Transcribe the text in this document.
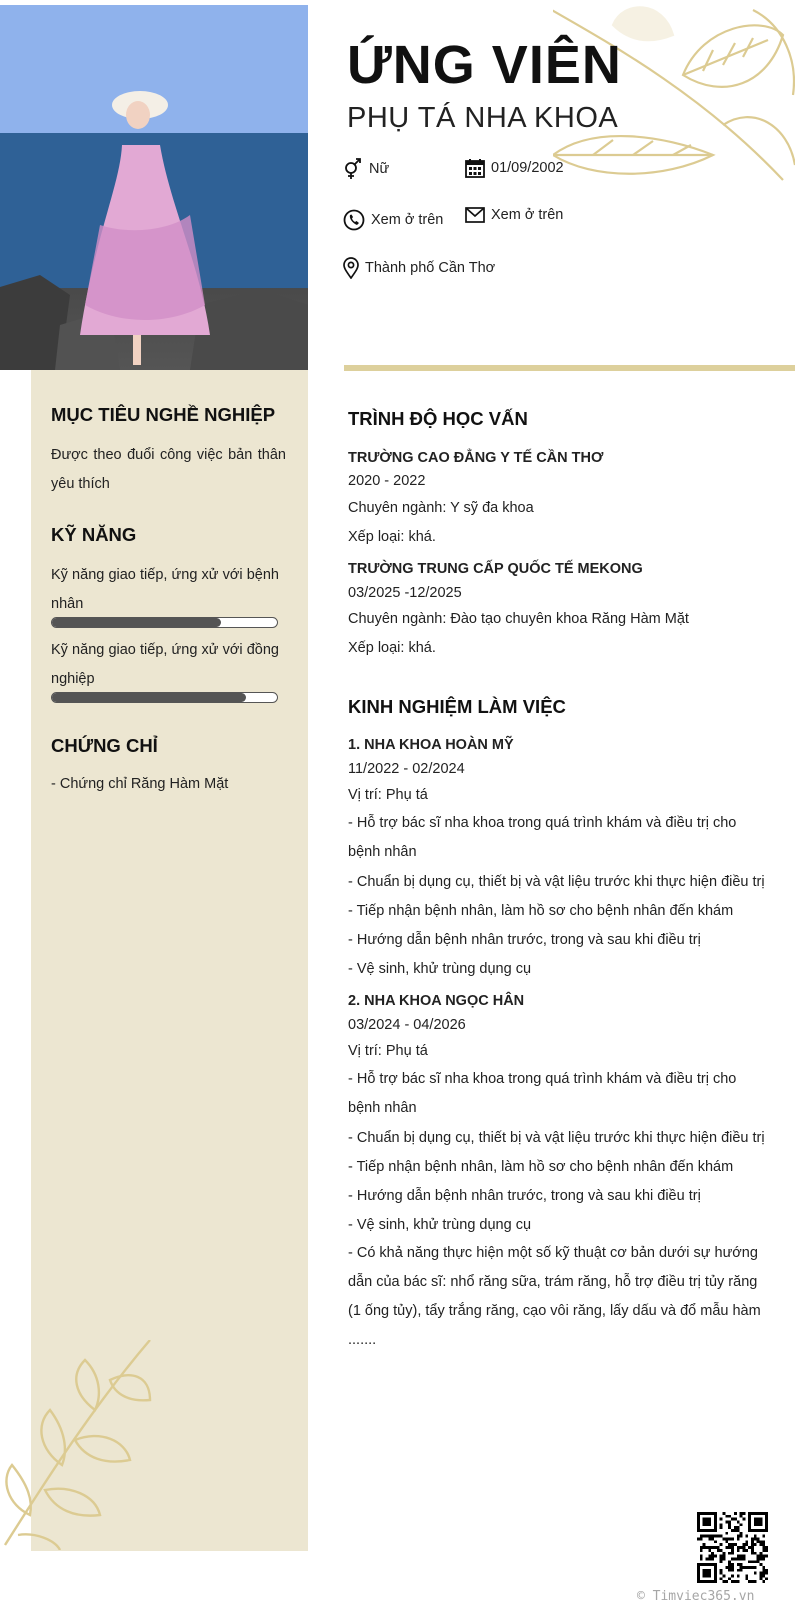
ỨNG VIÊN
PHỤ TÁ NHA KHOA
Nữ	01/09/2002
Xem ở trên	Xem ở trên
Thành phố Cần Thơ
MỤC TIÊU NGHỀ NGHIỆP
Được theo đuổi công việc bản thân yêu thích
KỸ NĂNG
Kỹ năng giao tiếp, ứng xử với bệnh nhân
Kỹ năng giao tiếp, ứng xử với đồng nghiệp
CHỨNG CHỈ
- Chứng chỉ Răng Hàm Mặt
TRÌNH ĐỘ HỌC VẤN
TRƯỜNG CAO ĐẲNG Y TẾ CẦN THƠ
2020 - 2022
Chuyên ngành: Y sỹ đa khoa
Xếp loại: khá.
TRƯỜNG TRUNG CẤP QUỐC TẾ MEKONG
03/2025 -12/2025
Chuyên ngành: Đào tạo chuyên khoa Răng Hàm Mặt
Xếp loại: khá.
KINH NGHIỆM LÀM VIỆC
1. NHA KHOA HOÀN MỸ
11/2022 - 02/2024
Vị trí: Phụ tá
- Hỗ trợ bác sĩ nha khoa trong quá trình khám và điều trị cho bệnh nhân
- Chuẩn bị dụng cụ, thiết bị và vật liệu trước khi thực hiện điều trị
- Tiếp nhận bệnh nhân, làm hồ sơ cho bệnh nhân đến khám
- Hướng dẫn bệnh nhân trước, trong và sau khi điều trị
- Vệ sinh, khử trùng dụng cụ
2. NHA KHOA NGỌC HÂN
03/2024 - 04/2026
Vị trí: Phụ tá
- Hỗ trợ bác sĩ nha khoa trong quá trình khám và điều trị cho bệnh nhân
- Chuẩn bị dụng cụ, thiết bị và vật liệu trước khi thực hiện điều trị
- Tiếp nhận bệnh nhân, làm hồ sơ cho bệnh nhân đến khám
- Hướng dẫn bệnh nhân trước, trong và sau khi điều trị
- Vệ sinh, khử trùng dụng cụ
- Có khả năng thực hiện một số kỹ thuật cơ bản dưới sự hướng dẫn của bác sĩ: nhổ răng sữa, trám răng, hỗ trợ điều trị tủy răng (1 ống tủy), tẩy trắng răng, cạo vôi răng, lấy dấu và đổ mẫu hàm .......
© Timviec365.vn
